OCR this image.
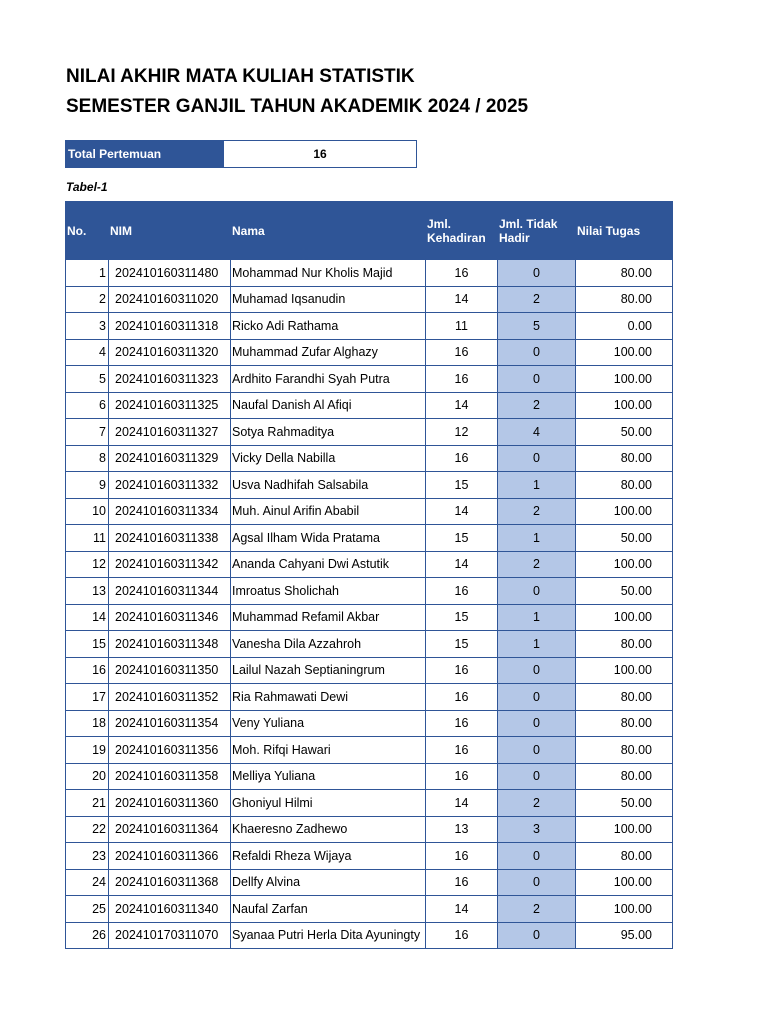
NILAI AKHIR MATA KULIAH STATISTIK
SEMESTER GANJIL TAHUN AKADEMIK 2024 / 2025
Total Pertemuan	16
Tabel-1
No.	NIM	Nama	Jml. Kehadiran	Jml. Tidak Hadir	Nilai Tugas
1	202410160311480	Mohammad Nur Kholis Majid	16	0	80.00
2	202410160311020	Muhamad Iqsanudin	14	2	80.00
3	202410160311318	Ricko Adi Rathama	11	5	0.00
4	202410160311320	Muhammad Zufar Alghazy	16	0	100.00
5	202410160311323	Ardhito Farandhi Syah Putra	16	0	100.00
6	202410160311325	Naufal Danish Al Afiqi	14	2	100.00
7	202410160311327	Sotya Rahmaditya	12	4	50.00
8	202410160311329	Vicky Della Nabilla	16	0	80.00
9	202410160311332	Usva Nadhifah Salsabila	15	1	80.00
10	202410160311334	Muh. Ainul Arifin Ababil	14	2	100.00
11	202410160311338	Agsal Ilham Wida Pratama	15	1	50.00
12	202410160311342	Ananda Cahyani Dwi Astutik	14	2	100.00
13	202410160311344	Imroatus Sholichah	16	0	50.00
14	202410160311346	Muhammad Refamil Akbar	15	1	100.00
15	202410160311348	Vanesha Dila Azzahroh	15	1	80.00
16	202410160311350	Lailul Nazah Septianingrum	16	0	100.00
17	202410160311352	Ria Rahmawati Dewi	16	0	80.00
18	202410160311354	Veny Yuliana	16	0	80.00
19	202410160311356	Moh. Rifqi Hawari	16	0	80.00
20	202410160311358	Melliya Yuliana	16	0	80.00
21	202410160311360	Ghoniyul Hilmi	14	2	50.00
22	202410160311364	Khaeresno Zadhewo	13	3	100.00
23	202410160311366	Refaldi Rheza Wijaya	16	0	80.00
24	202410160311368	Dellfy Alvina	16	0	100.00
25	202410160311340	Naufal Zarfan	14	2	100.00
26	202410170311070	Syanaa Putri Herla Dita Ayuningty	16	0	95.00
